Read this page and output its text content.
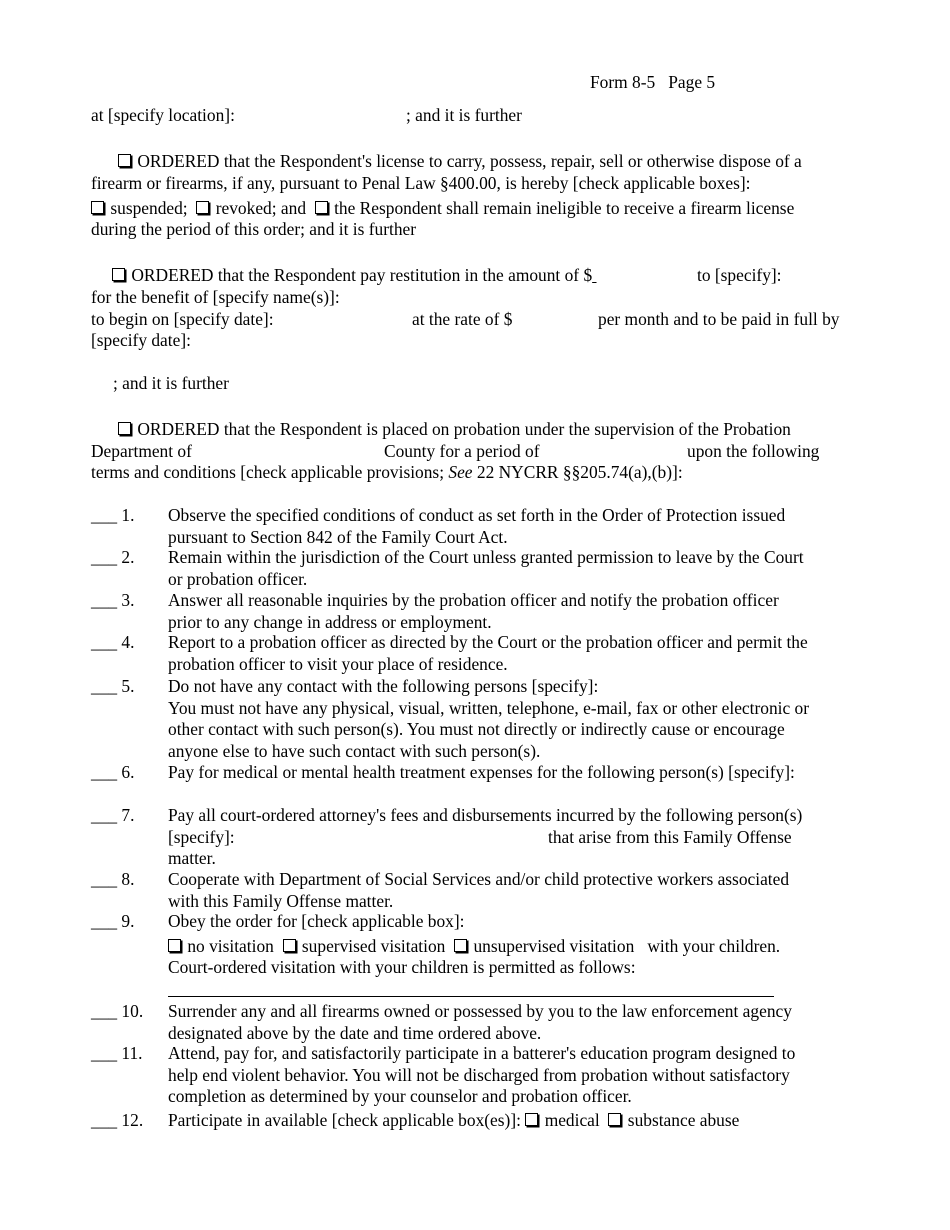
Form 8-5 Page 5
at [specify location]:	; and it is further
ORDERED that the Respondent's license to carry, possess, repair, sell or otherwise dispose of a
firearm or firearms, if any, pursuant to Penal Law §400.00, is hereby [check applicable boxes]:
suspended; revoked; and the Respondent shall remain ineligible to receive a firearm license
during the period of this order; and it is further
ORDERED that the Respondent pay restitution in the amount of $	to [specify]:
for the benefit of [specify name(s)]:
to begin on [specify date]:	at the rate of $	per month and to be paid in full by
[specify date]:
; and it is further
ORDERED that the Respondent is placed on probation under the supervision of the Probation
Department of	County for a period of	upon the following
terms and conditions [check applicable provisions; See 22 NYCRR §§205.74(a),(b)]:
___ 1. Observe the specified conditions of conduct as set forth in the Order of Protection issued
pursuant to Section 842 of the Family Court Act.
___ 2. Remain within the jurisdiction of the Court unless granted permission to leave by the Court
or probation officer.
___ 3. Answer all reasonable inquiries by the probation officer and notify the probation officer
prior to any change in address or employment.
___ 4. Report to a probation officer as directed by the Court or the probation officer and permit the
probation officer to visit your place of residence.
___ 5. Do not have any contact with the following persons [specify]:
You must not have any physical, visual, written, telephone, e-mail, fax or other electronic or
other contact with such person(s). You must not directly or indirectly cause or encourage
anyone else to have such contact with such person(s).
___ 6. Pay for medical or mental health treatment expenses for the following person(s) [specify]:
___ 7. Pay all court-ordered attorney's fees and disbursements incurred by the following person(s)
[specify]:	that arise from this Family Offense
matter.
___ 8. Cooperate with Department of Social Services and/or child protective workers associated
with this Family Offense matter.
___ 9. Obey the order for [check applicable box]:
no visitation supervised visitation unsupervised visitation with your children.
Court-ordered visitation with your children is permitted as follows:
___ 10. Surrender any and all firearms owned or possessed by you to the law enforcement agency
designated above by the date and time ordered above.
___ 11. Attend, pay for, and satisfactorily participate in a batterer's education program designed to
help end violent behavior. You will not be discharged from probation without satisfactory
completion as determined by your counselor and probation officer.
___ 12. Participate in available [check applicable box(es)]: medical substance abuse
